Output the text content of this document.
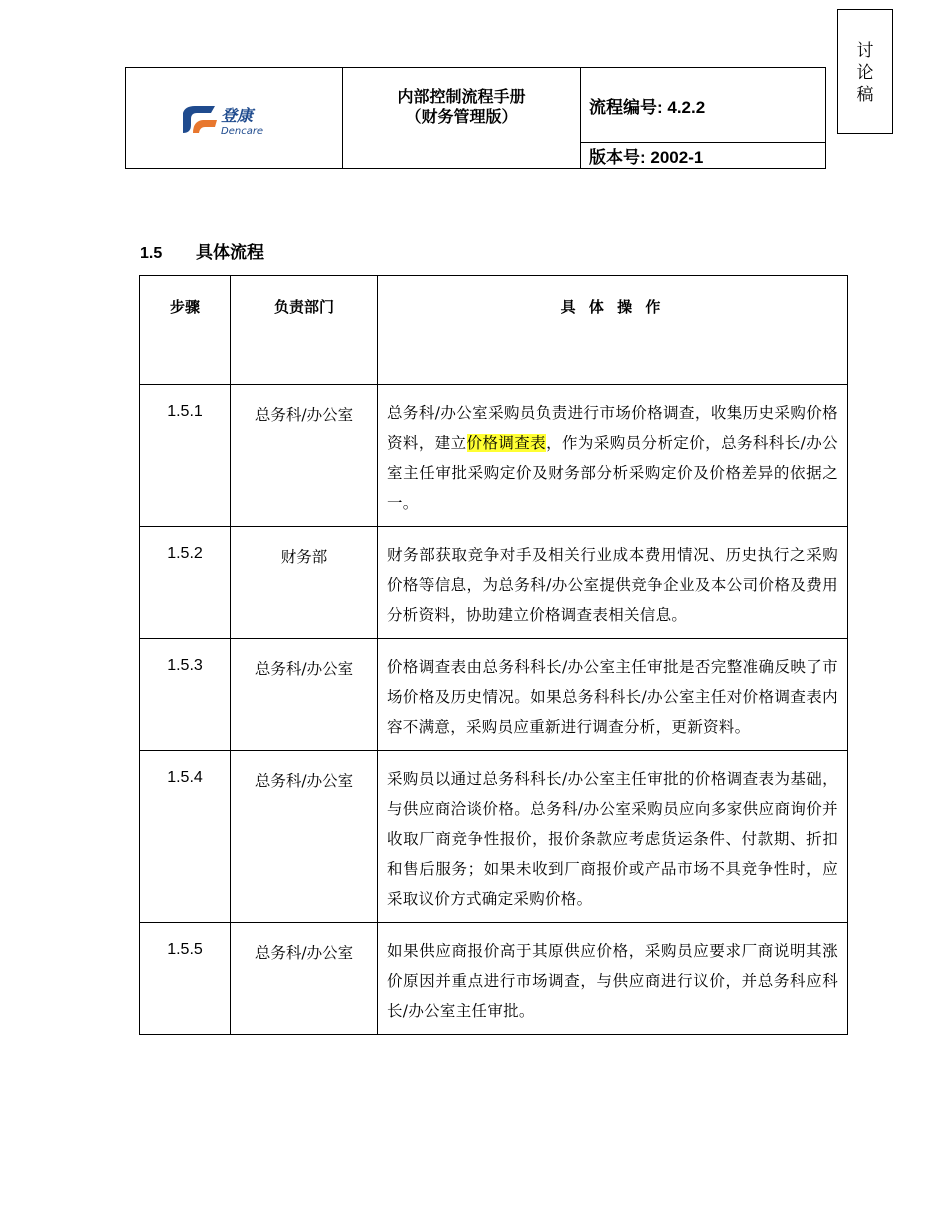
讨
论
稿
登康
Dencare

内部控制流程手册
（财务管理版）	流程编号: 4.2.2
版本号: 2002-1
1.5 具体流程
步骤	负责部门	具 体 操 作
1.5.1	总务科/办公室	总务科/办公室采购员负责进行市场价格调查，收集历史采购价格资料，建立价格调查表，作为采购员分析定价，总务科科长/办公室主任审批采购定价及财务部分析采购定价及价格差异的依据之一。
1.5.2	财务部	财务部获取竞争对手及相关行业成本费用情况、历史执行之采购价格等信息，为总务科/办公室提供竞争企业及本公司价格及费用分析资料，协助建立价格调查表相关信息。
1.5.3	总务科/办公室	价格调查表由总务科科长/办公室主任审批是否完整准确反映了市场价格及历史情况。如果总务科科长/办公室主任对价格调查表内容不满意，采购员应重新进行调查分析，更新资料。
1.5.4	总务科/办公室	采购员以通过总务科科长/办公室主任审批的价格调查表为基础，与供应商洽谈价格。总务科/办公室采购员应向多家供应商询价并收取厂商竞争性报价，报价条款应考虑货运条件、付款期、折扣和售后服务；如果未收到厂商报价或产品市场不具竞争性时，应采取议价方式确定采购价格。
1.5.5	总务科/办公室	如果供应商报价高于其原供应价格，采购员应要求厂商说明其涨价原因并重点进行市场调查，与供应商进行议价，并总务科应科长/办公室主任审批。
